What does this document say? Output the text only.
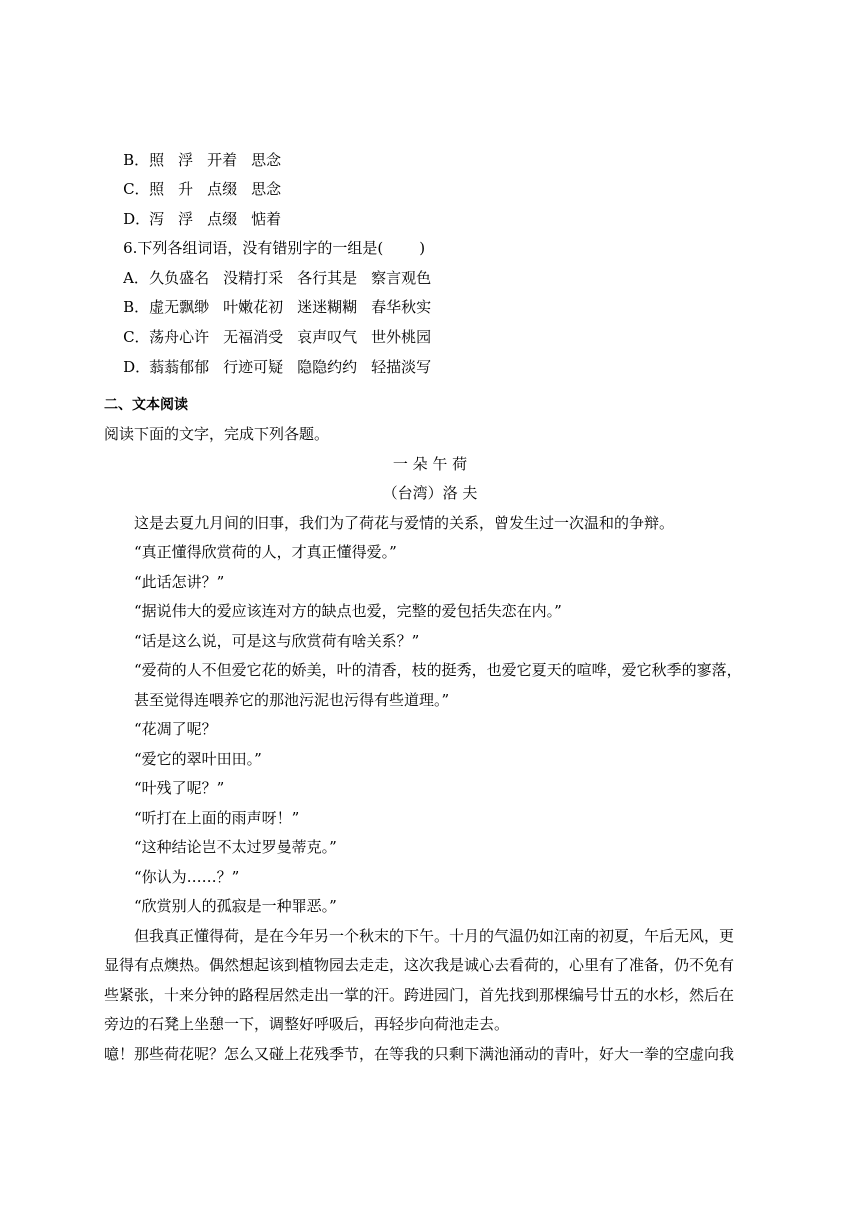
B．照 浮 开着 思念

C．照 升 点缀 思念

D．泻 浮 点缀 惦着

6.下列各组词语，没有错别字的一组是( )

A．久负盛名 没精打采 各行其是 察言观色

B．虚无飘缈 叶嫩花初 迷迷糊糊 春华秋实

C．荡舟心许 无福消受 哀声叹气 世外桃园

D．蓊蓊郁郁 行迹可疑 隐隐约约 轻描淡写

二、文本阅读
阅读下面的文字，完成下列各题。
一 朵 午 荷
（台湾）洛 夫
这是去夏九月间的旧事，我们为了荷花与爱情的关系，曾发生过一次温和的争辩。
“真正懂得欣赏荷的人，才真正懂得爱。”
“此话怎讲？”
“据说伟大的爱应该连对方的缺点也爱，完整的爱包括失恋在内。”
“话是这么说，可是这与欣赏荷有啥关系？”
“爱荷的人不但爱它花的娇美，叶的清香，枝的挺秀，也爱它夏天的喧哗，爱它秋季的寥落，
甚至觉得连喂养它的那池污泥也污得有些道理。”
“花凋了呢？
“爱它的翠叶田田。”
“叶残了呢？”
“听打在上面的雨声呀！”
“这种结论岂不太过罗曼蒂克。”
“你认为……？”
“欣赏别人的孤寂是一种罪恶。”
但我真正懂得荷，是在今年另一个秋末的下午。十月的气温仍如江南的初夏，午后无风，更
显得有点燠热。偶然想起该到植物园去走走，这次我是诚心去看荷的，心里有了准备，仍不免有
些紧张，十来分钟的路程居然走出一掌的汗。跨进园门，首先找到那棵编号廿五的水杉，然后在
旁边的石凳上坐憩一下，调整好呼吸后，再轻步向荷池走去。
噫！那些荷花呢？怎么又碰上花残季节，在等我的只剩下满池涌动的青叶，好大一拳的空虚向我
